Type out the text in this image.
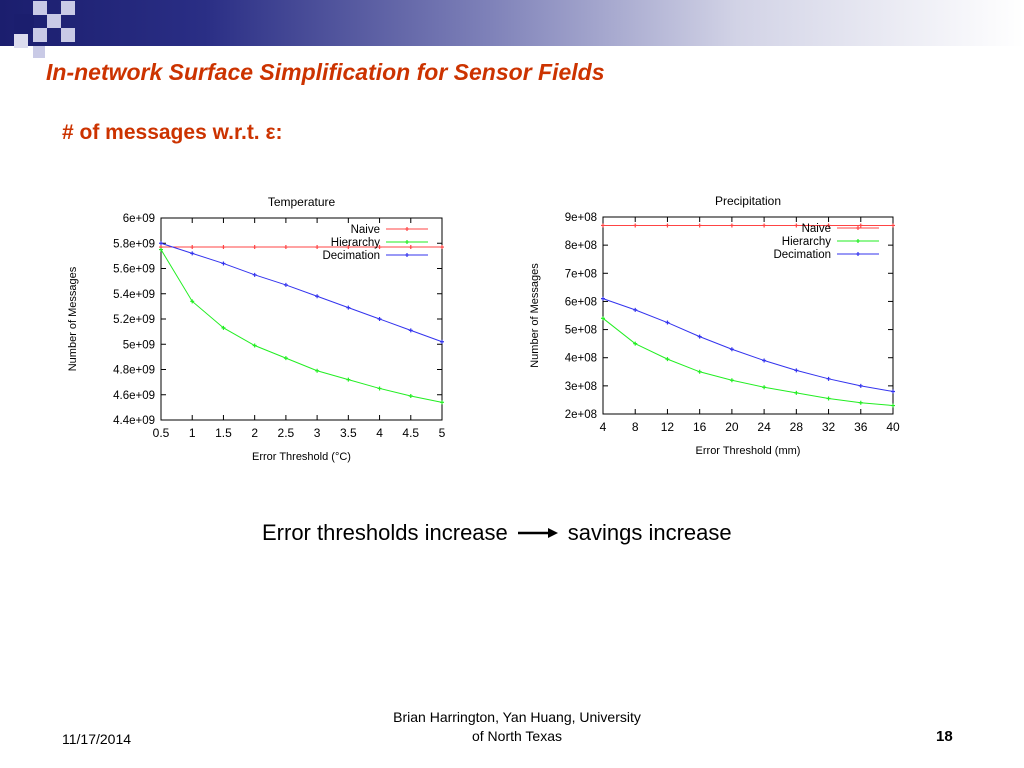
In-network Surface Simplification for Sensor Fields
# of messages w.r.t. ε:
Temperature
4.4e+09
4.6e+09
4.8e+09
5e+09
5.2e+09
5.4e+09
5.6e+09
5.8e+09
6e+09
0.5 1 1.5 2 2.5 3 3.5 4 4.5 5
Error Threshold (°C)
Number of Messages
Naive
Hierarchy
Decimation
Precipitation
2e+08
3e+08
4e+08
5e+08
6e+08
7e+08
8e+08
9e+08
4 8 12 16 20 24 28 32 36 40
Error Threshold (mm)
Number of Messages
Naive
Hierarchy
Decimation
Error thresholds increase	savings increase
11/17/2014
Brian Harrington, Yan Huang, University
of North Texas	18
